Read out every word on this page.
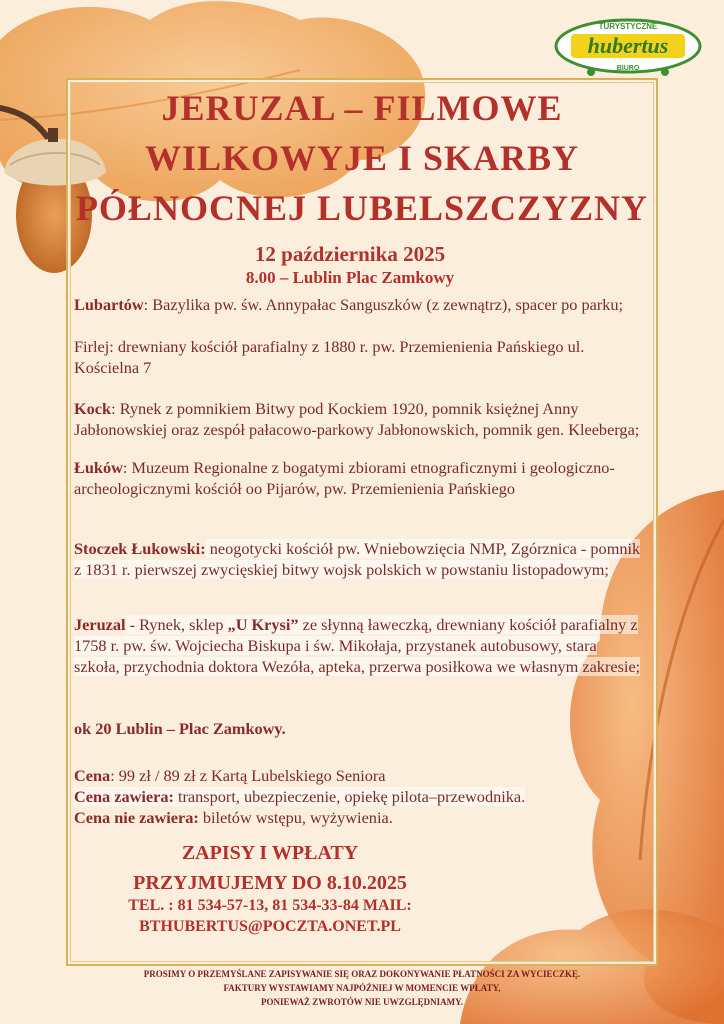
TURYSTYCZNE
hubertus
BIURO
JERUZAL – FILMOWE
WILKOWYJE I SKARBY
PÓŁNOCNEJ LUBELSZCZYZNY
12 października 2025
8.00 – Lublin Plac Zamkowy
Lubartów: Bazylika pw. św. Annypałac Sanguszków (z zewnątrz), spacer po parku;
Firlej: drewniany kościół parafialny z 1880 r. pw. Przemienienia Pańskiego ul. Kościelna 7
Kock: Rynek z pomnikiem Bitwy pod Kockiem 1920, pomnik księżnej Anny Jabłonowskiej oraz zespół pałacowo-parkowy Jabłonowskich, pomnik gen. Kleeberga;
Łuków: Muzeum Regionalne z bogatymi zbiorami etnograficznymi i geologiczno-archeologicznymi kościół oo Pijarów, pw. Przemienienia Pańskiego
Stoczek Łukowski: neogotycki kościół pw. Wniebowzięcia NMP, Zgórznica - pomnik z 1831 r. pierwszej zwycięskiej bitwy wojsk polskich w powstaniu listopadowym;
Jeruzal - Rynek, sklep „U Krysi” ze słynną ławeczką, drewniany kościół parafialny z 1758 r. pw. św. Wojciecha Biskupa i św. Mikołaja, przystanek autobusowy, stara szkoła, przychodnia doktora Wezóła, apteka, przerwa posiłkowa we własnym zakresie;
ok 20 Lublin – Plac Zamkowy.
Cena: 99 zł / 89 zł z Kartą Lubelskiego Seniora
Cena zawiera: transport, ubezpieczenie, opiekę pilota–przewodnika.
Cena nie zawiera: biletów wstępu, wyżywienia.
ZAPISY I WPŁATY
PRZYJMUJEMY DO 8.10.2025
TEL. : 81 534-57-13, 81 534-33-84 MAIL:
BTHUBERTUS@POCZTA.ONET.PL
PROSIMY O PRZEMYŚLANE ZAPISYWANIE SIĘ ORAZ DOKONYWANIE PŁATNOŚCI ZA WYCIECZKĘ.
FAKTURY WYSTAWIAMY NAJPÓŹNIEJ W MOMENCIE WPŁATY,
PONIEWAŻ ZWROTÓW NIE UWZGLĘDNIAMY.
